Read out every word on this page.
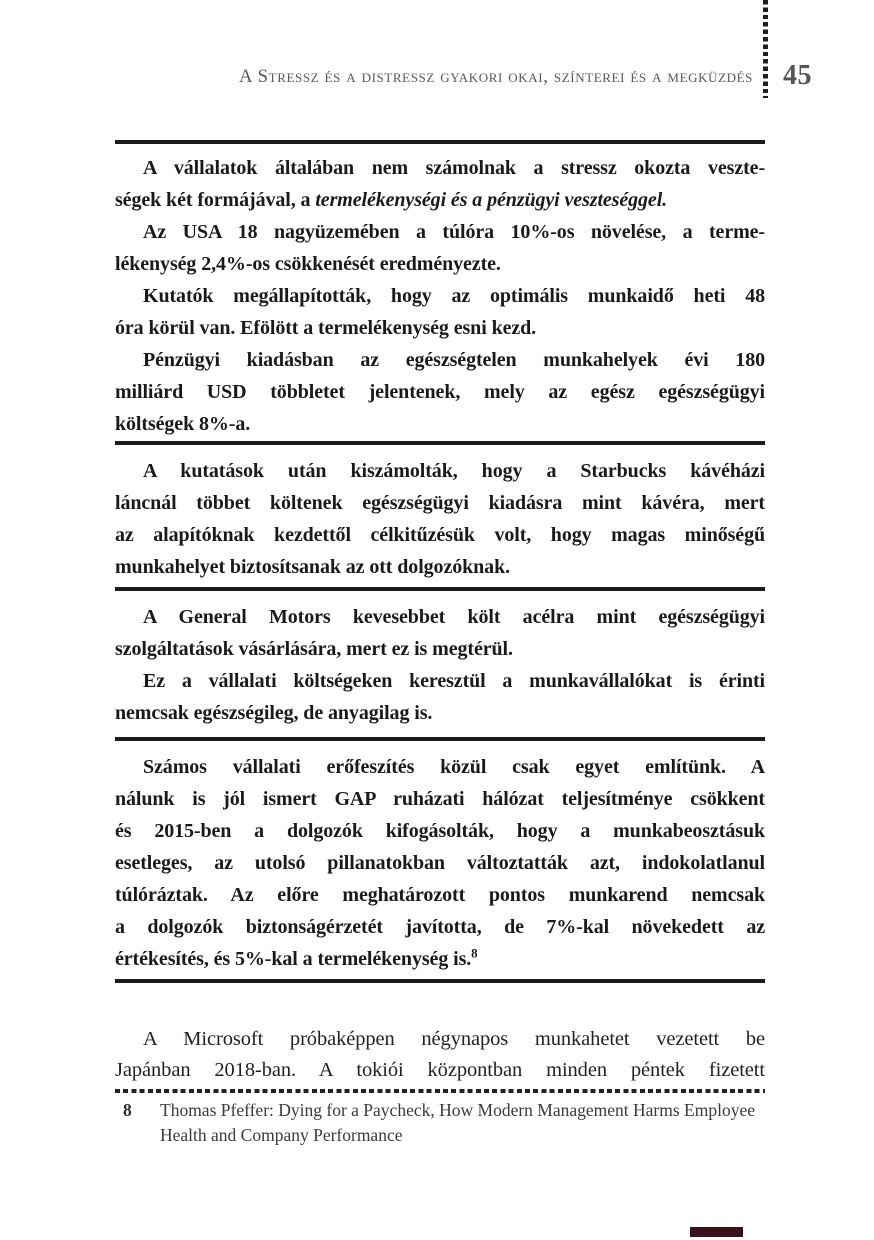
A Stressz és a distressz gyakori okai, színterei és a megküzdés 45
A vállalatok általában nem számolnak a stressz okozta veszte-
ségek két formájával, a termelékenységi és a pénzügyi veszteséggel.
Az USA 18 nagyüzemében a túlóra 10%-os növelése, a terme-
lékenység 2,4%-os csökkenését eredményezte.
Kutatók megállapították, hogy az optimális munkaidő heti 48
óra körül van. Efölött a termelékenység esni kezd.
Pénzügyi kiadásban az egészségtelen munkahelyek évi 180
milliárd USD többletet jelentenek, mely az egész egészségügyi
költségek 8%-a.
A kutatások után kiszámolták, hogy a Starbucks kávéházi
láncnál többet költenek egészségügyi kiadásra mint kávéra, mert
az alapítóknak kezdettől célkitűzésük volt, hogy magas minőségű
munkahelyet biztosítsanak az ott dolgozóknak.
A General Motors kevesebbet költ acélra mint egészségügyi
szolgáltatások vásárlására, mert ez is megtérül.
Ez a vállalati költségeken keresztül a munkavállalókat is érinti
nemcsak egészségileg, de anyagilag is.
Számos vállalati erőfeszítés közül csak egyet említünk. A
nálunk is jól ismert GAP ruházati hálózat teljesítménye csökkent
és 2015-ben a dolgozók kifogásolták, hogy a munkabeosztásuk
esetleges, az utolsó pillanatokban változtatták azt, indokolatlanul
túlóráztak. Az előre meghatározott pontos munkarend nemcsak
a dolgozók biztonságérzetét javította, de 7%-kal növekedett az
értékesítés, és 5%-kal a termelékenység is.$^8$
A Microsoft próbaképpen négynapos munkahetet vezetett be
Japánban 2018-ban. A tokiói központban minden péntek fizetett
8	Thomas Pfeffer: Dying for a Paycheck, How Modern Management Harms Employee
Health and Company Performance
